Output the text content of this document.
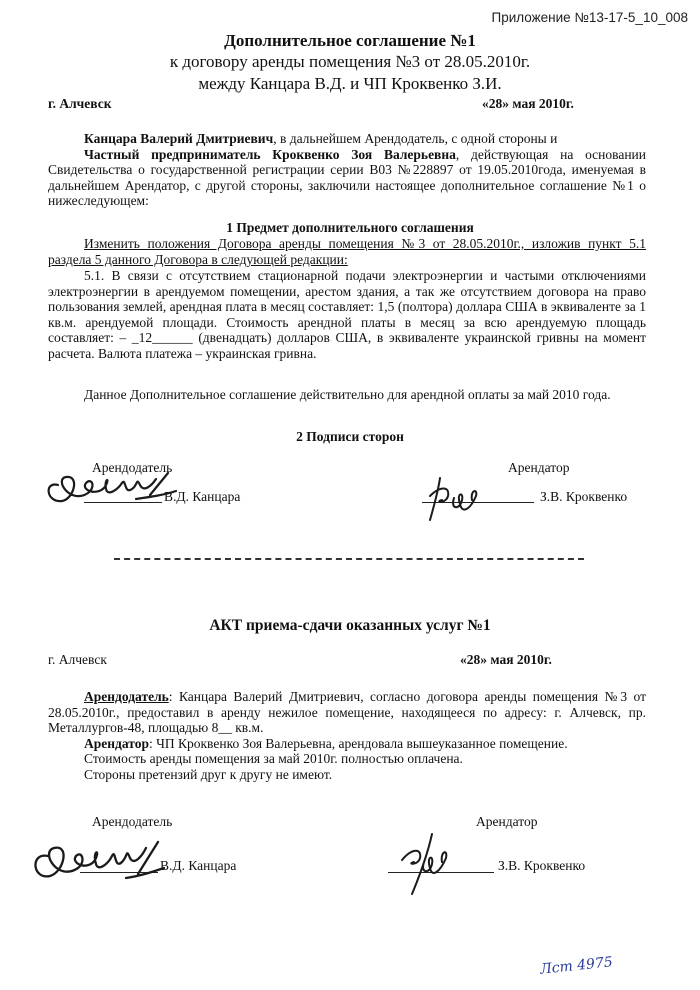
Приложение №13-17-5_10_008
Дополнительное соглашение №1
к договору аренды помещения №3 от 28.05.2010г.
между Канцара В.Д. и ЧП Кроквенко З.И.
г. Алчевск	«28» мая 2010г.
Канцара Валерий Дмитриевич, в дальнейшем Арендодатель, с одной стороны и
Частный предприниматель Кроквенко Зоя Валерьевна, действующая на основании Свидетельства о государственной регистрации серии В03 №228897 от 19.05.2010года, именуемая в дальнейшем Арендатор, с другой стороны, заключили настоящее дополнительное соглашение №1 о нижеследующем:
1 Предмет дополнительного соглашения
Изменить положения Договора аренды помещения №3 от 28.05.2010г., изложив пункт 5.1 раздела 5 данного Договора в следующей редакции:
5.1. В связи с отсутствием стационарной подачи электроэнергии и частыми отключениями электроэнергии в арендуемом помещении, арестом здания, а так же отсутствием договора на право пользования землей, арендная плата в месяц составляет: 1,5 (полтора) доллара США в эквиваленте за 1 кв.м. арендуемой площади. Стоимость арендной платы в месяц за всю арендуемую площадь составляет: – _12______ (двенадцать) долларов США, в эквиваленте украинской гривны на момент расчета. Валюта платежа – украинская гривна.
Данное Дополнительное соглашение действительно для арендной оплаты за май 2010 года.
2 Подписи сторон
Арендодатель	Арендатор
В.Д. Канцара	З.В. Кроквенко
АКТ приема-сдачи оказанных услуг №1
г. Алчевск	«28» мая 2010г.
Арендодатель: Канцара Валерий Дмитриевич, согласно договора аренды помещения №3 от 28.05.2010г., предоставил в аренду нежилое помещение, находящееся по адресу: г. Алчевск, пр. Металлургов-48, площадью 8__ кв.м.
Арендатор: ЧП Кроквенко Зоя Валерьевна, арендовала вышеуказанное помещение.
Стоимость аренды помещения за май 2010г. полностью оплачена.
Стороны претензий друг к другу не имеют.
Арендодатель	Арендатор
В.Д. Канцара	З.В. Кроквенко
Лст 4975
